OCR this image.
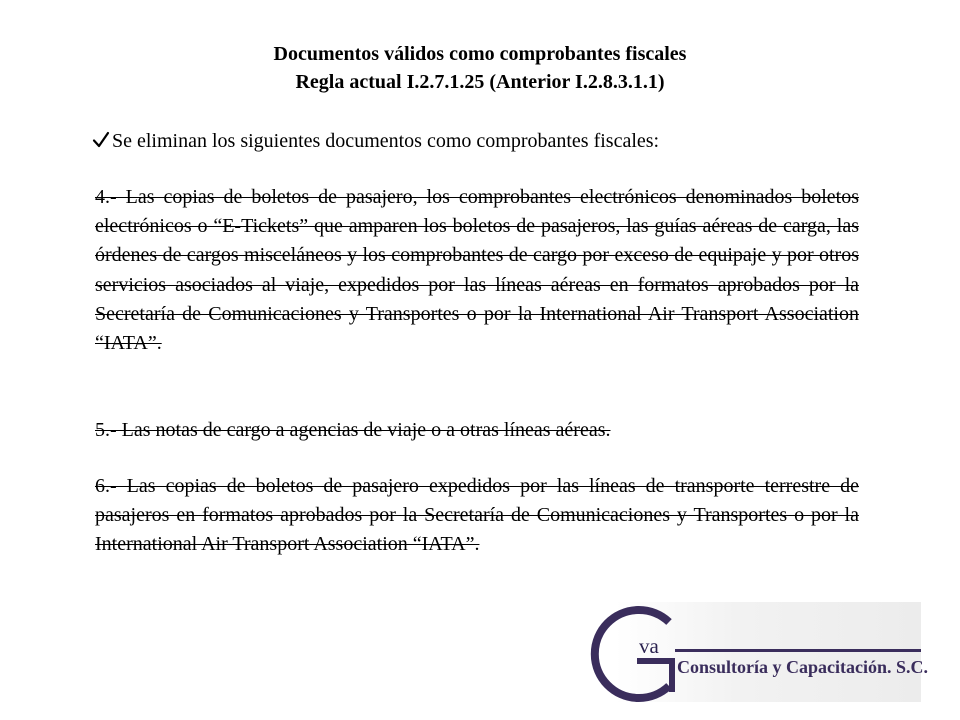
Documentos válidos como comprobantes fiscales
Regla actual I.2.7.1.25 (Anterior I.2.8.3.1.1)
Se eliminan los siguientes documentos como comprobantes fiscales:
4.- Las copias de boletos de pasajero, los comprobantes electrónicos denominados boletos electrónicos o “E-Tickets” que amparen los boletos de pasajeros, las guías aéreas de carga, las órdenes de cargos misceláneos y los comprobantes de cargo por exceso de equipaje y por otros servicios asociados al viaje, expedidos por las líneas aéreas en formatos aprobados por la Secretaría de Comunicaciones y Transportes o por la International Air Transport Association “IATA”.
5.- Las notas de cargo a agencias de viaje o a otras líneas aéreas.
6.- Las copias de boletos de pasajero expedidos por las líneas de transporte terrestre de pasajeros en formatos aprobados por la Secretaría de Comunicaciones y Transportes o por la International Air Transport Association “IATA”.
va
Consultoría y Capacitación. S.C.
